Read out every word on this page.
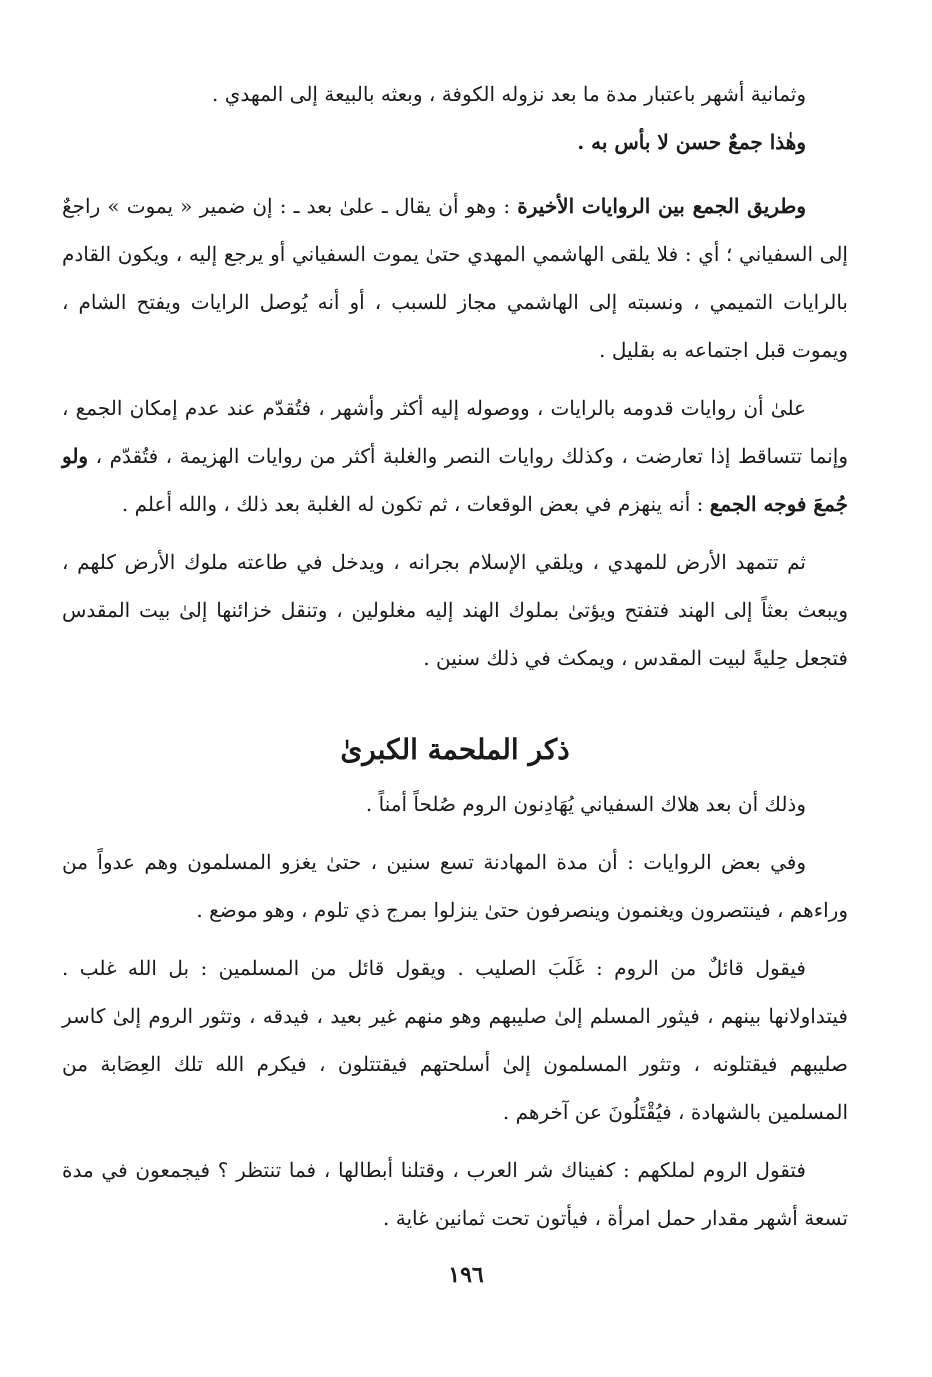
وثمانية أشهر باعتبار مدة ما بعد نزوله الكوفة ، وبعثه بالبيعة إلى المهدي .

وهٰذا جمعٌ حسن لا بأس به .

وطريق الجمع بين الروايات الأخيرة : وهو أن يقال ـ علىٰ بعد ـ : إن ضمير « يموت » راجعٌ إلى السفياني ؛ أي : فلا يلقى الهاشمي المهدي حتىٰ يموت السفياني أو يرجع إليه ، ويكون القادم بالرايات التميمي ، ونسبته إلى الهاشمي مجاز للسبب ، أو أنه يُوصل الرايات ويفتح الشام ، ويموت قبل اجتماعه به بقليل .

علىٰ أن روايات قدومه بالرايات ، ووصوله إليه أكثر وأشهر ، فتُقدّم عند عدم إمكان الجمع ، وإنما تتساقط إذا تعارضت ، وكذلك روايات النصر والغلبة أكثر من روايات الهزيمة ، فتُقدّم ، ولو جُمعَ فوجه الجمع : أنه ينهزم في بعض الوقعات ، ثم تكون له الغلبة بعد ذلك ، والله أعلم .

ثم تتمهد الأرض للمهدي ، ويلقي الإسلام بجرانه ، ويدخل في طاعته ملوك الأرض كلهم ، ويبعث بعثاً إلى الهند فتفتح ويؤتىٰ بملوك الهند إليه مغلولين ، وتنقل خزائنها إلىٰ بيت المقدس فتجعل حِليةً لبيت المقدس ، ويمكث في ذلك سنين .

ذكر الملحمة الكبرىٰ

وذلك أن بعد هلاك السفياني يُهَادِنون الروم صُلحاً أمناً .

وفي بعض الروايات : أن مدة المهادنة تسع سنين ، حتىٰ يغزو المسلمون وهم عدواً من وراءهم ، فينتصرون ويغنمون وينصرفون حتىٰ ينزلوا بمرج ذي تلوم ، وهو موضع .

فيقول قائلٌ من الروم : غَلَبَ الصليب . ويقول قائل من المسلمين : بل الله غلب . فيتداولانها بينهم ، فيثور المسلم إلىٰ صليبهم وهو منهم غير بعيد ، فيدقه ، وتثور الروم إلىٰ كاسر صليبهم فيقتلونه ، وتثور المسلمون إلىٰ أسلحتهم فيقتتلون ، فيكرم الله تلك العِصَابة من المسلمين بالشهادة ، فيُقْتَلُونَ عن آخرهم .

فتقول الروم لملكهم : كفيناك شر العرب ، وقتلنا أبطالها ، فما تنتظر ؟ فيجمعون في مدة تسعة أشهر مقدار حمل امرأة ، فيأتون تحت ثمانين غاية .

١٩٦
